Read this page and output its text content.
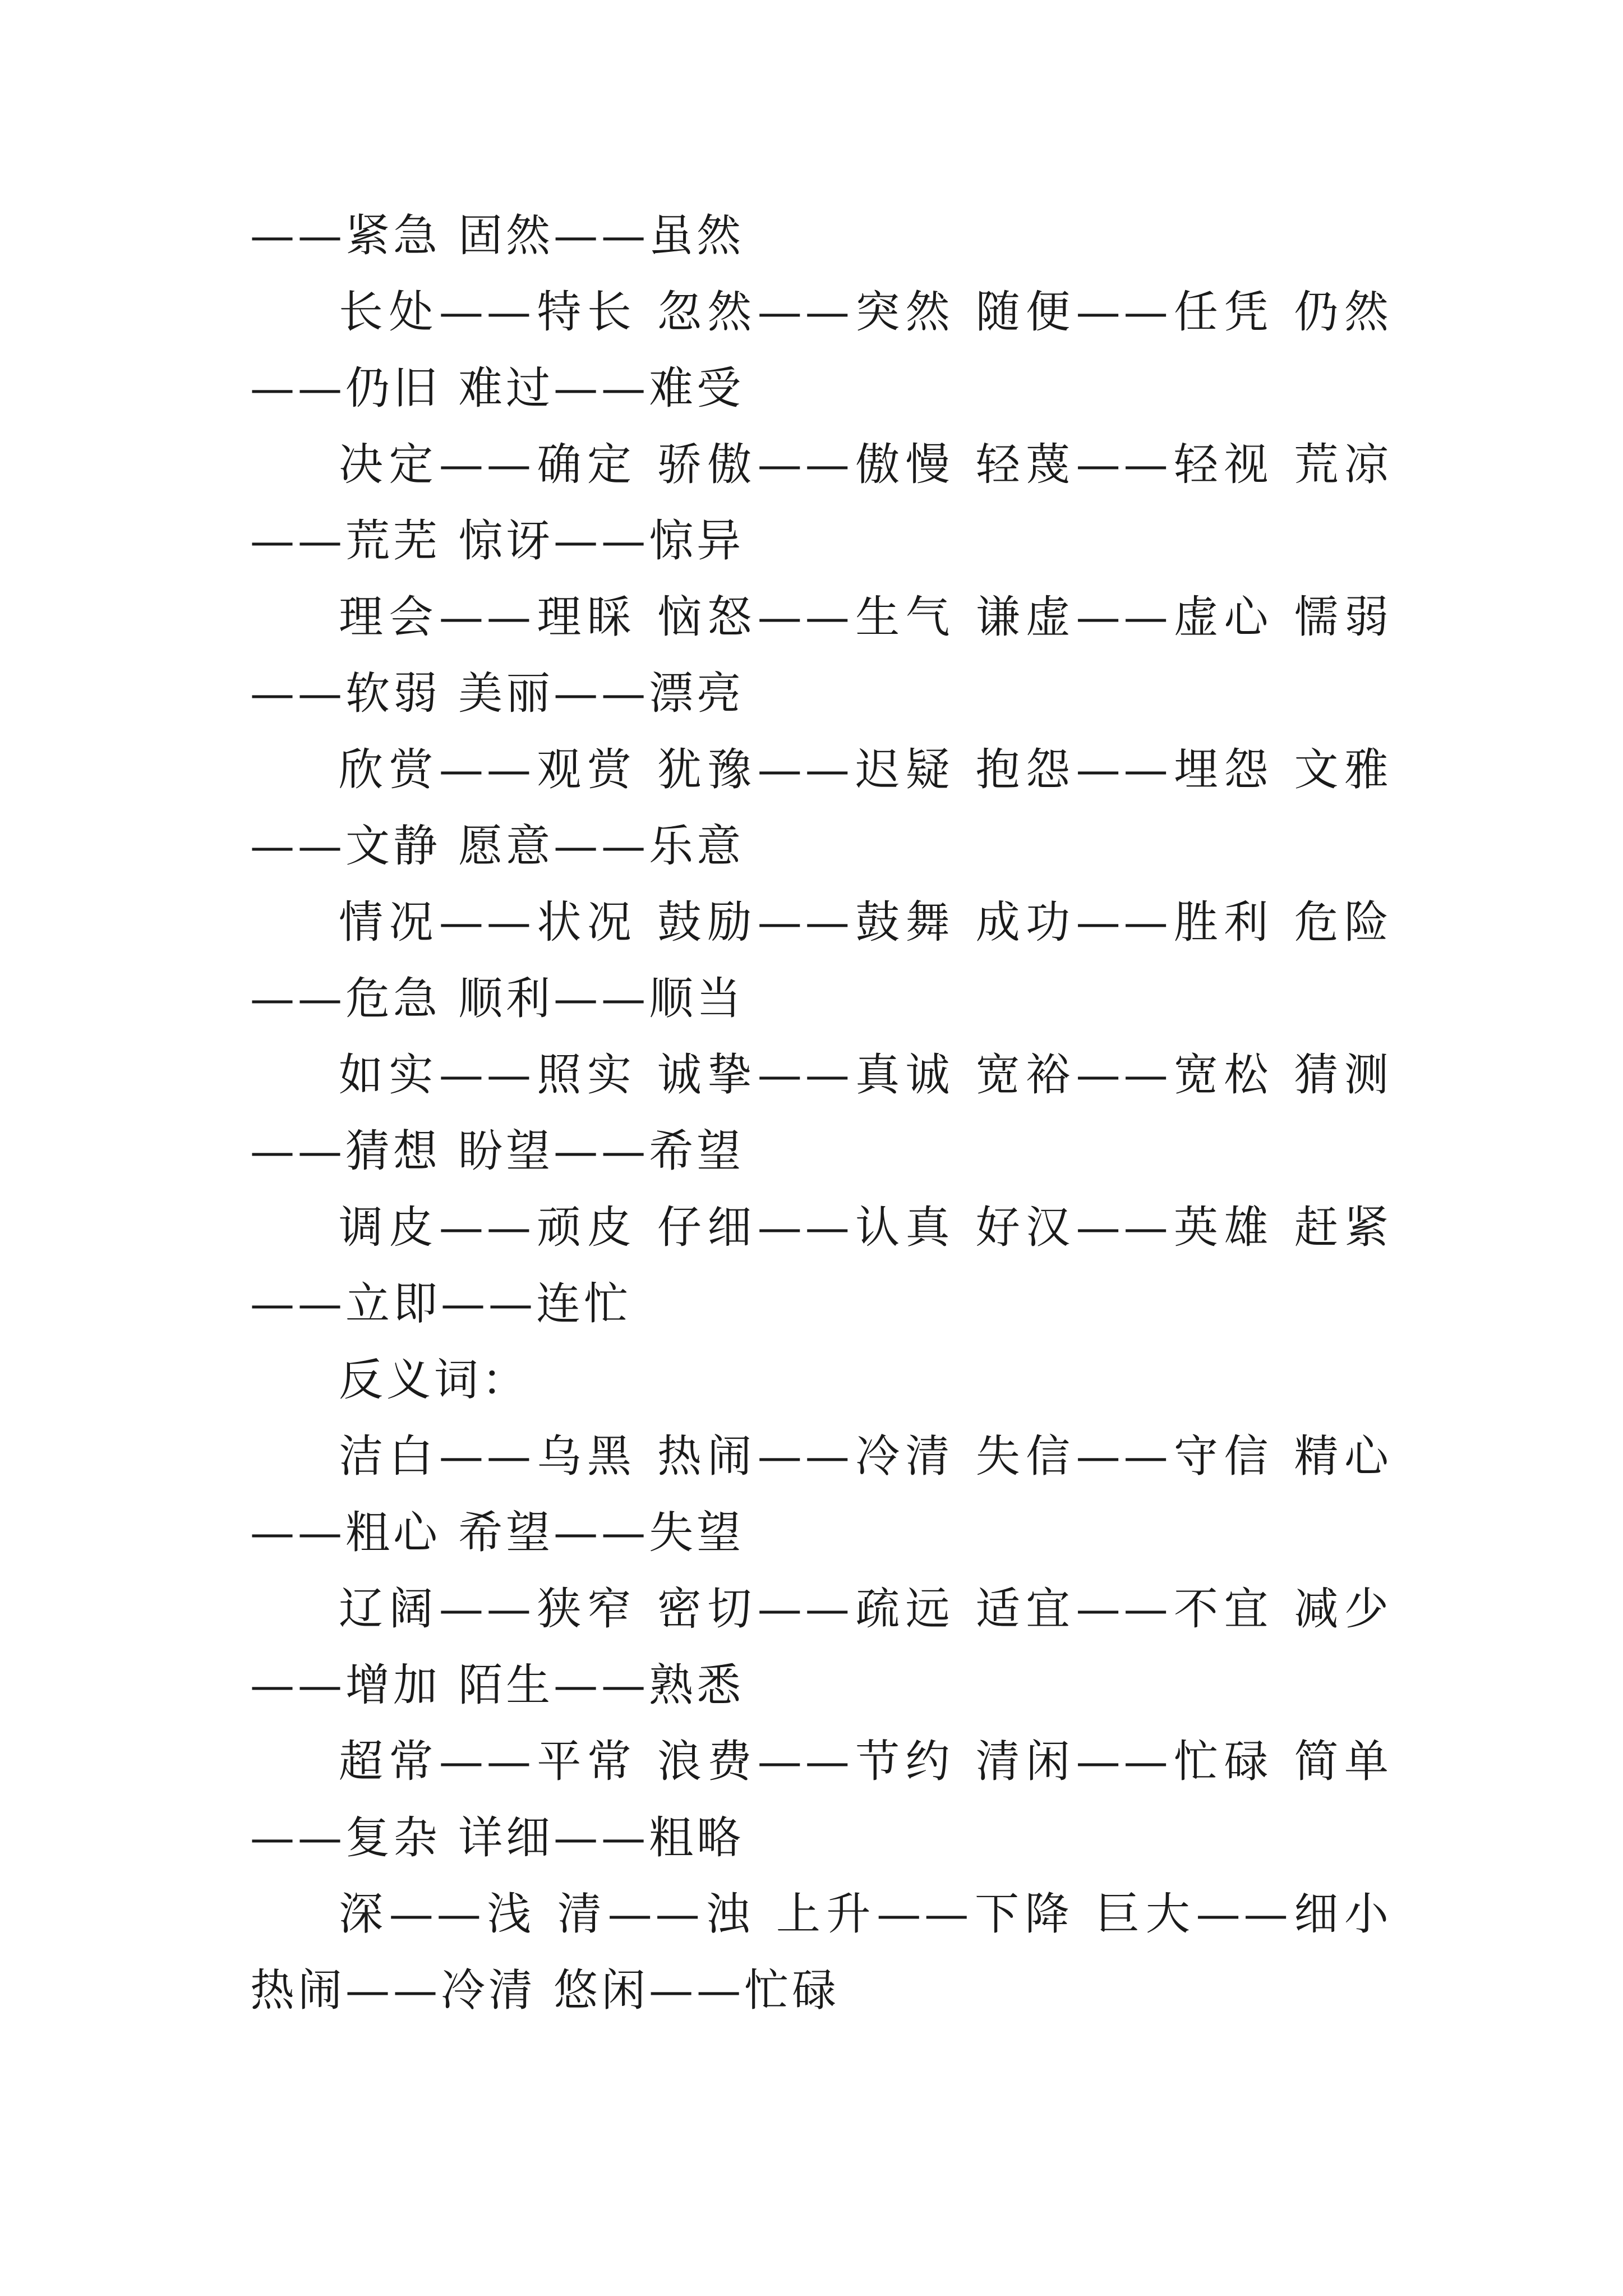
——紧急 固然——虽然

长处——特长 忽然——突然 随便——任凭 仍然——仍旧 难过——难受

决定——确定 骄傲——傲慢 轻蔑——轻视 荒凉——荒芜 惊讶——惊异

理会——理睬 恼怒——生气 谦虚——虚心 懦弱——软弱 美丽——漂亮

欣赏——观赏 犹豫——迟疑 抱怨——埋怨 文雅——文静 愿意——乐意

情况——状况 鼓励——鼓舞 成功——胜利 危险——危急 顺利——顺当

如实——照实 诚挚——真诚 宽裕——宽松 猜测——猜想 盼望——希望

调皮——顽皮 仔细——认真 好汉——英雄 赶紧——立即——连忙

反义词：

洁白——乌黑 热闹——冷清 失信——守信 精心——粗心 希望——失望

辽阔——狭窄 密切——疏远 适宜——不宜 减少——增加 陌生——熟悉

超常——平常 浪费——节约 清闲——忙碌 简单——复杂 详细——粗略

深——浅 清——浊 上升——下降 巨大——细小 热闹——冷清 悠闲——忙碌
